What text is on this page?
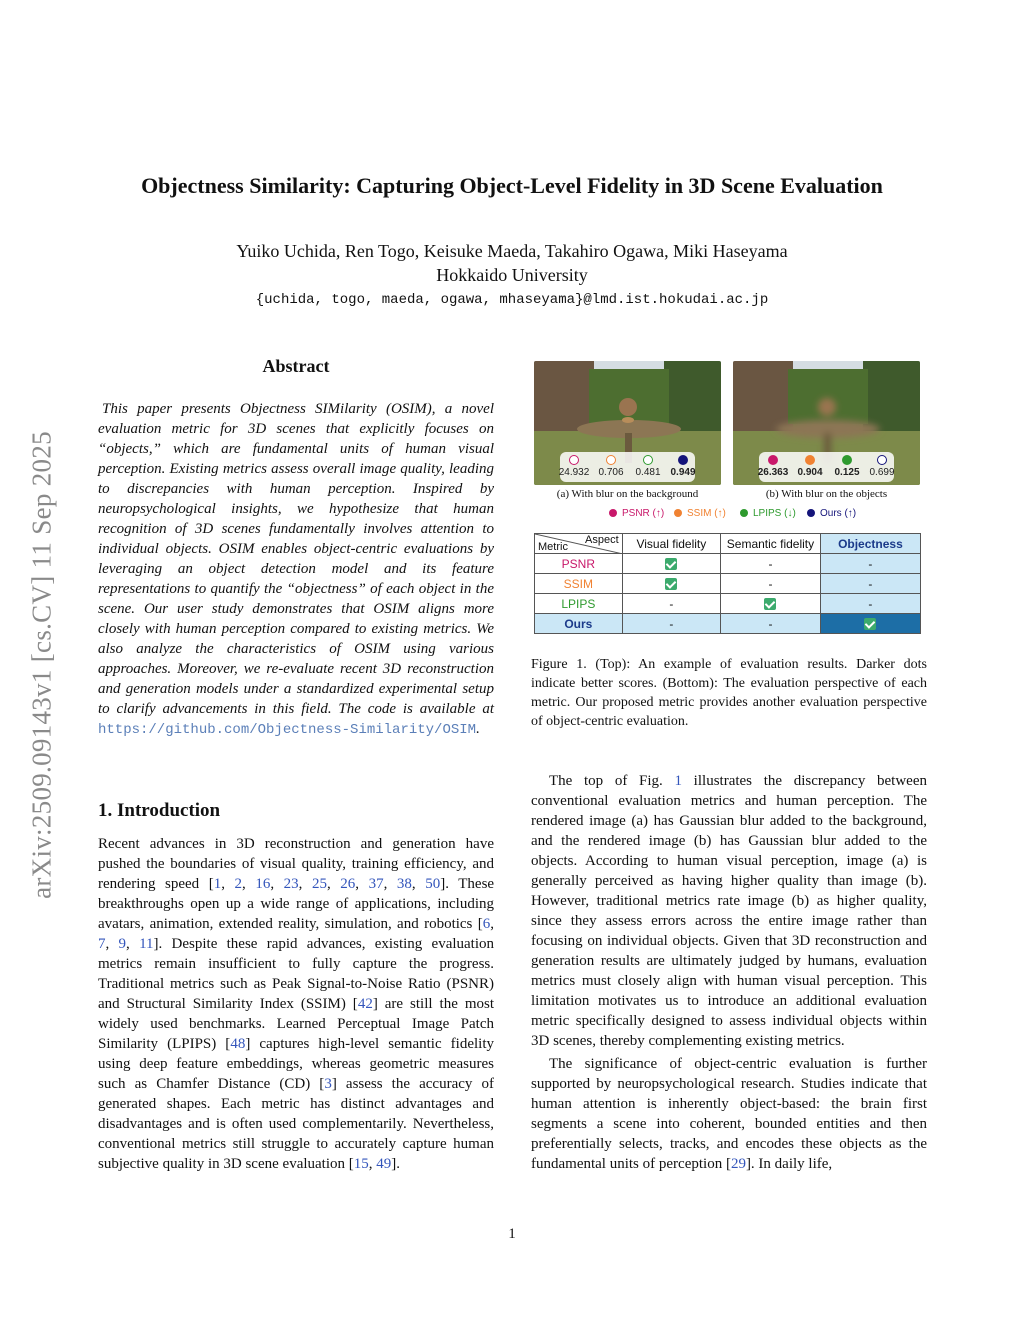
arXiv:2509.09143v1 [cs.CV] 11 Sep 2025
Objectness Similarity: Capturing Object-Level Fidelity in 3D Scene Evaluation
Yuiko Uchida, Ren Togo, Keisuke Maeda, Takahiro Ogawa, Miki Haseyama
Hokkaido University
{uchida, togo, maeda, ogawa, mhaseyama}@lmd.ist.hokudai.ac.jp
Abstract
This paper presents Objectness SIMilarity (OSIM), a novel evaluation metric for 3D scenes that explicitly focuses on “objects,” which are fundamental units of human visual perception. Existing metrics assess overall image quality, leading to discrepancies with human perception. Inspired by neuropsychological insights, we hypothesize that human recognition of 3D scenes fundamentally involves attention to individual objects. OSIM enables object-centric evaluations by leveraging an object detection model and its feature representations to quantify the “objectness” of each object in the scene. Our user study demonstrates that OSIM aligns more closely with human perception compared to existing metrics. We also analyze the characteristics of OSIM using various approaches. Moreover, we re-evaluate recent 3D reconstruction and generation models under a standardized experimental setup to clarify advancements in this field. The code is available at https://github.com/Objectness-Similarity/OSIM.
1. Introduction
Recent advances in 3D reconstruction and generation have pushed the boundaries of visual quality, training efficiency, and rendering speed [1, 2, 16, 23, 25, 26, 37, 38, 50]. These breakthroughs open up a wide range of applications, including avatars, animation, extended reality, simulation, and robotics [6, 7, 9, 11]. Despite these rapid advances, existing evaluation metrics remain insufficient to fully capture the progress. Traditional metrics such as Peak Signal-to-Noise Ratio (PSNR) and Structural Similarity Index (SSIM) [42] are still the most widely used benchmarks. Learned Perceptual Image Patch Similarity (LPIPS) [48] captures high-level semantic fidelity using deep feature embeddings, whereas geometric measures such as Chamfer Distance (CD) [3] assess the accuracy of generated shapes. Each metric has distinct advantages and disadvantages and is often used complementarily. Nevertheless, conventional metrics still struggle to accurately capture human subjective quality in 3D scene evaluation [15, 49].
24.932 0.706	0.481 0.949	26.363 0.904	0.125 0.699
(a) With blur on the background	(b) With blur on the objects
PSNR (↑)	SSIM (↑)	LPIPS (↓)	Ours (↑)
Aspect
Metric	Visual fidelity	Semantic fidelity	Objectness
PSNR		-	-
SSIM		-	-
LPIPS	-		-
Ours	-	-	
Figure 1. (Top): An example of evaluation results. Darker dots indicate better scores. (Bottom): The evaluation perspective of each metric. Our proposed metric provides another evaluation perspective of object-centric evaluation.

The top of Fig. 1 illustrates the discrepancy between conventional evaluation metrics and human perception. The rendered image (a) has Gaussian blur added to the background, and the rendered image (b) has Gaussian blur added to the objects. According to human visual perception, image (a) is generally perceived as having higher quality than image (b). However, traditional metrics rate image (b) as higher quality, since they assess errors across the entire image rather than focusing on individual objects. Given that 3D reconstruction and generation results are ultimately judged by humans, evaluation metrics must closely align with human visual perception. This limitation motivates us to introduce an additional evaluation metric specifically designed to assess individual objects within 3D scenes, thereby complementing existing metrics.

The significance of object-centric evaluation is further supported by neuropsychological research. Studies indicate that human attention is inherently object-based: the brain first segments a scene into coherent, bounded entities and then preferentially selects, tracks, and encodes these objects as the fundamental units of perception [29]. In daily life,

1
